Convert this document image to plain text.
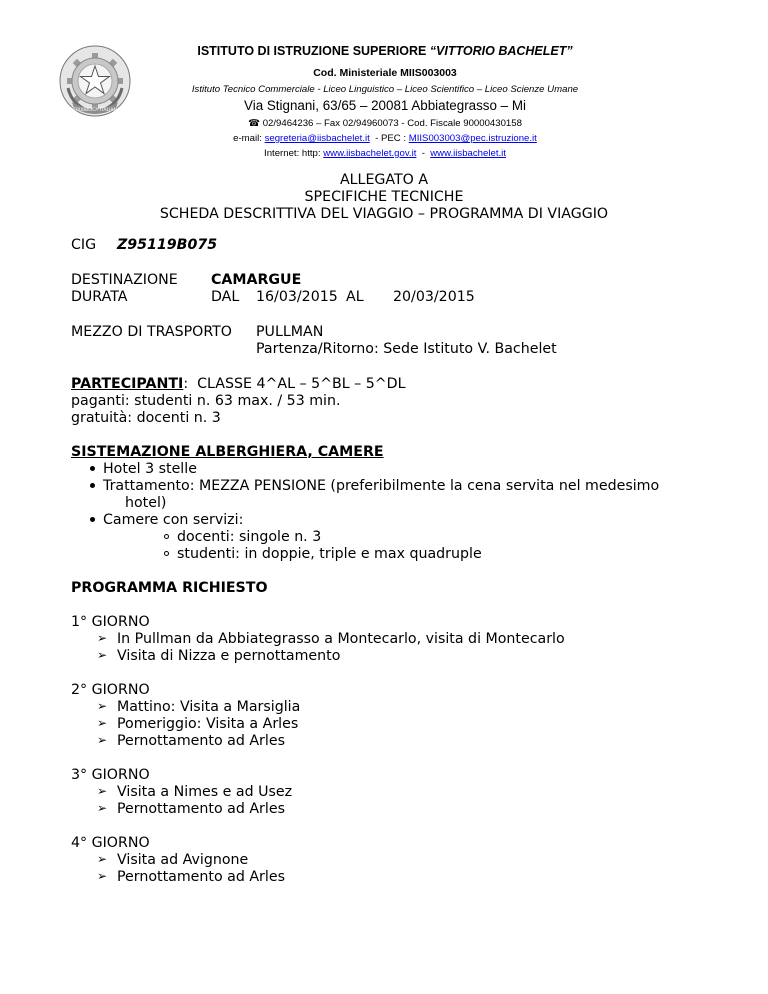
REPUBBLICA ITALIANA
ISTITUTO DI ISTRUZIONE SUPERIORE “VITTORIO BACHELET”
Cod. Ministeriale MIIS003003
Istituto Tecnico Commerciale - Liceo Linguistico – Liceo Scientifico – Liceo Scienze Umane
Via Stignani, 63/65 – 20081 Abbiategrasso – Mi
☎ 02/9464236 – Fax 02/94960073 - Cod. Fiscale 90000430158
e-mail: segreteria@iisbachelet.it  - PEC : MIIS003003@pec.istruzione.it
Internet: http: www.iisbachelet.gov.it  -  www.iisbachelet.it
ALLEGATO A
SPECIFICHE TECNICHE
SCHEDA DESCRITTIVA DEL VIAGGIO – PROGRAMMA DI VIAGGIO
CIG Z95119B075
DESTINAZIONE CAMARGUE
DURATA	DAL 16/03/2015 AL 20/03/2015
MEZZO DI TRASPORTO PULLMAN
Partenza/Ritorno: Sede Istituto V. Bachelet
PARTECIPANTI: CLASSE 4^AL – 5^BL – 5^DL
paganti: studenti n. 63 max. / 53 min.
gratuità: docenti n. 3
SISTEMAZIONE ALBERGHIERA, CAMERE
Hotel 3 stelle
Trattamento: MEZZA PENSIONE (preferibilmente la cena servita nel medesimo
hotel)
Camere con servizi:
docenti: singole n. 3
studenti: in doppie, triple e max quadruple
PROGRAMMA RICHIESTO
1° GIORNO
➢ In Pullman da Abbiategrasso a Montecarlo, visita di Montecarlo
➢ Visita di Nizza e pernottamento
2° GIORNO
➢ Mattino: Visita a Marsiglia
➢ Pomeriggio: Visita a Arles
➢ Pernottamento ad Arles
3° GIORNO
➢ Visita a Nimes e ad Usez
➢ Pernottamento ad Arles
4° GIORNO
➢ Visita ad Avignone
➢ Pernottamento ad Arles
